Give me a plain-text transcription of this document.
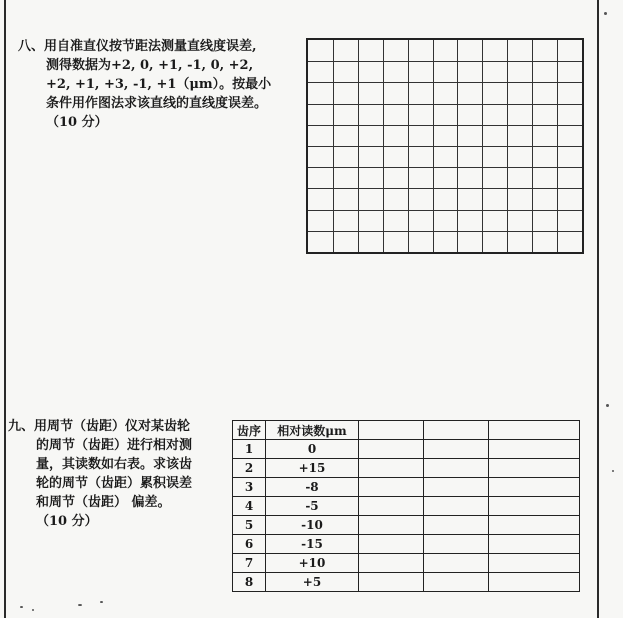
八、用自准直仪按节距法测量直线度误差,
测得数据为+2, 0, +1, -1, 0, +2,
+2, +1, +3, -1, +1（μm）。按最小
条件用作图法求该直线的直线度误差。
（10 分）
九、用周节（齿距）仪对某齿轮
的周节（齿距）进行相对测
量，其读数如右表。求该齿
轮的周节（齿距）累积误差
和周节（齿距） 偏差。
（10 分）
齿序	相对读数μm			
1	0			
2	+15			
3	-8			
4	-5			
5	-10			
6	-15			
7	+10			
8	+5			
